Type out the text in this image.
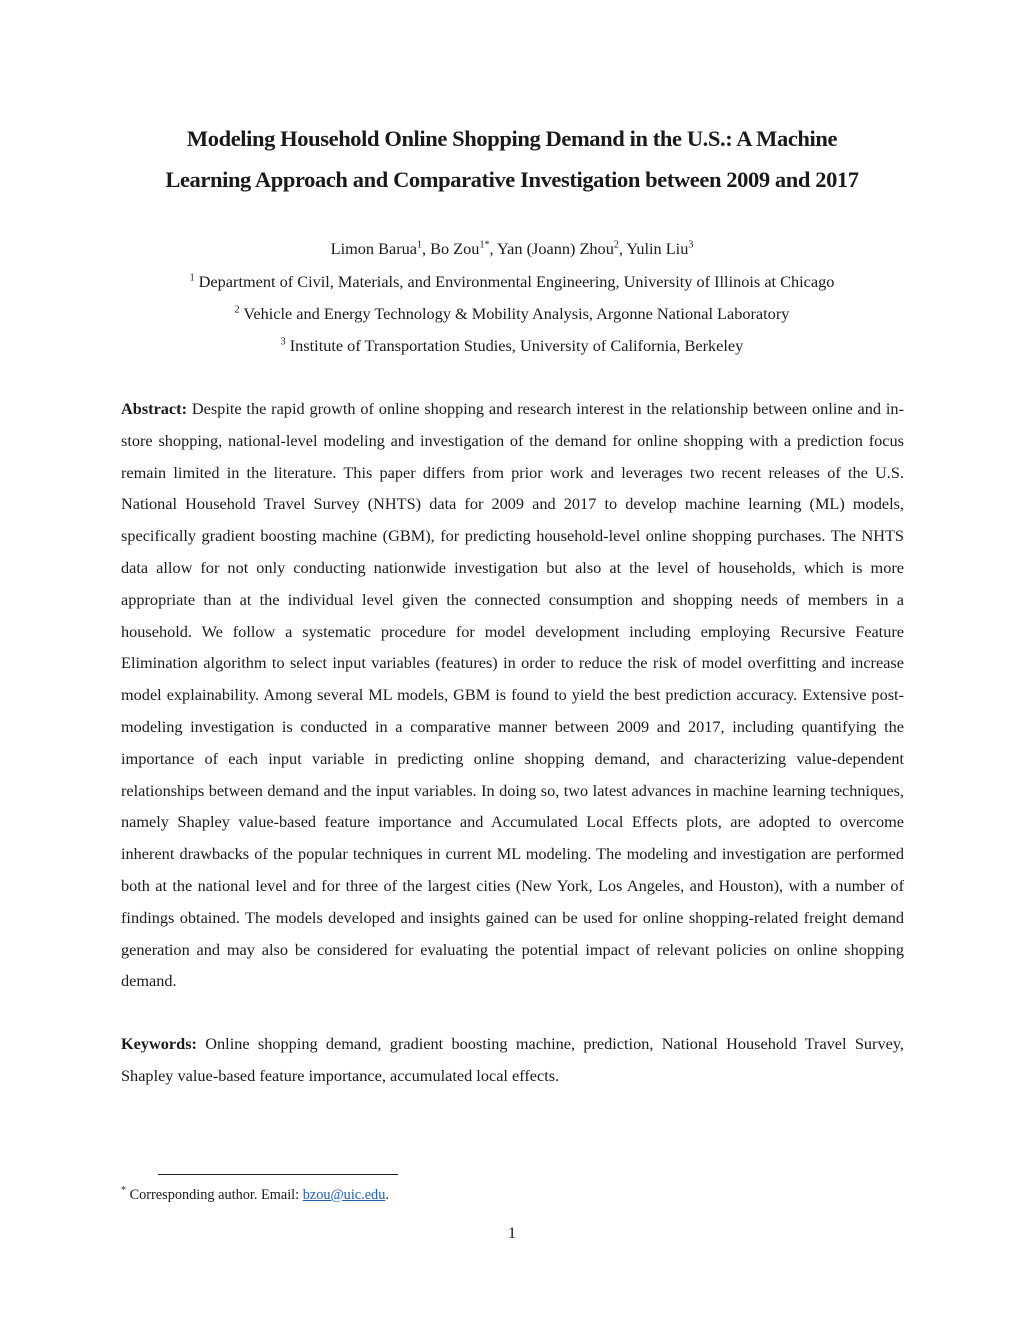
Modeling Household Online Shopping Demand in the U.S.: A Machine
Learning Approach and Comparative Investigation between 2009 and 2017
Limon Barua$^1$, Bo Zou$^{1*}$, Yan (Joann) Zhou$^2$, Yulin Liu$^3$
$^1$ Department of Civil, Materials, and Environmental Engineering, University of Illinois at Chicago
$^2$ Vehicle and Energy Technology & Mobility Analysis, Argonne National Laboratory
$^3$ Institute of Transportation Studies, University of California, Berkeley

Abstract: Despite the rapid growth of online shopping and research interest in the relationship between online and in-store shopping, national-level modeling and investigation of the demand for online shopping with a prediction focus remain limited in the literature. This paper differs from prior work and leverages two recent releases of the U.S. National Household Travel Survey (NHTS) data for 2009 and 2017 to develop machine learning (ML) models, specifically gradient boosting machine (GBM), for predicting household-level online shopping purchases. The NHTS data allow for not only conducting nationwide investigation but also at the level of households, which is more appropriate than at the individual level given the connected consumption and shopping needs of members in a household. We follow a systematic procedure for model development including employing Recursive Feature Elimination algorithm to select input variables (features) in order to reduce the risk of model overfitting and increase model explainability. Among several ML models, GBM is found to yield the best prediction accuracy. Extensive post-modeling investigation is conducted in a comparative manner between 2009 and 2017, including quantifying the importance of each input variable in predicting online shopping demand, and characterizing value-dependent relationships between demand and the input variables. In doing so, two latest advances in machine learning techniques, namely Shapley value-based feature importance and Accumulated Local Effects plots, are adopted to overcome inherent drawbacks of the popular techniques in current ML modeling. The modeling and investigation are performed both at the national level and for three of the largest cities (New York, Los Angeles, and Houston), with a number of findings obtained. The models developed and insights gained can be used for online shopping-related freight demand generation and may also be considered for evaluating the potential impact of relevant policies on online shopping demand.

Keywords: Online shopping demand, gradient boosting machine, prediction, National Household Travel Survey, Shapley value-based feature importance, accumulated local effects.

* Corresponding author. Email: bzou@uic.edu.
1
